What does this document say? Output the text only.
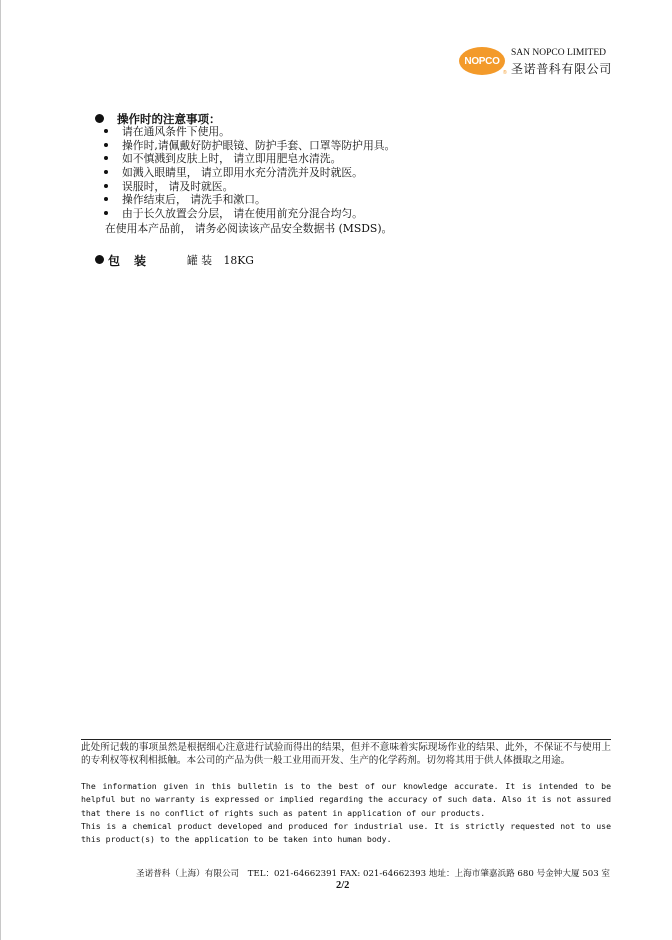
NOPCO
®
SAN NOPCO LIMITED
圣诺普科有限公司
操作时的注意事项：
请在通风条件下使用。
操作时,请佩戴好防护眼镜、防护手套、口罩等防护用具。
如不慎溅到皮肤上时， 请立即用肥皂水清洗。
如溅入眼睛里， 请立即用水充分清洗并及时就医。
误服时， 请及时就医。
操作结束后， 请洗手和漱口。
由于长久放置会分层， 请在使用前充分混合均匀。
在使用本产品前， 请务必阅读该产品安全数据书 (MSDS)。
包装 罐 装 18KG
此处所记载的事项虽然是根据细心注意进行试验而得出的结果，但并不意味着实际现场作业的结果、此外，不保证不与使用上的专利权等权利相抵触。本公司的产品为供一般工业用而开发、生产的化学药剂。切勿将其用于供人体摄取之用途。
The information given in this bulletin is to the best of our knowledge accurate. It is intended to be helpful but no warranty is expressed or implied regarding the accuracy of such data. Also it is not assured that there is no conflict of rights such as patent in application of our products.
This is a chemical product developed and produced for industrial use. It is strictly requested not to use this product(s) to the application to be taken into human body.
圣诺普科（上海）有限公司　TEL：021-64662391 FAX: 021-64662393 地址：上海市肇嘉浜路 680 号金钟大厦 503 室
2/2
